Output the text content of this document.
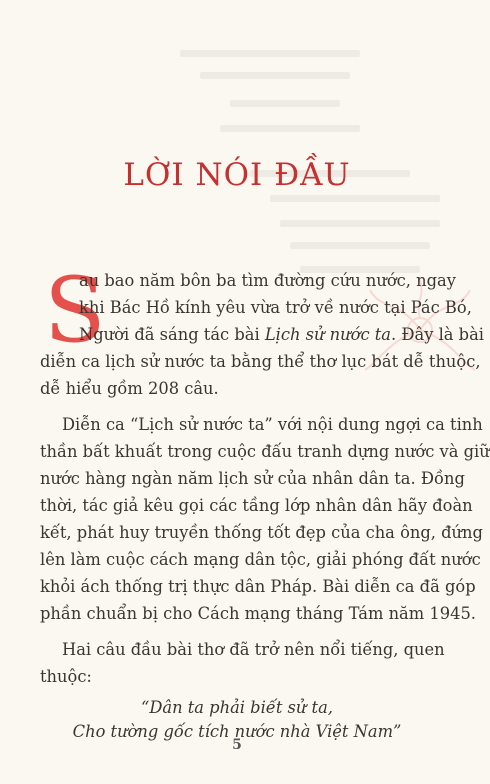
LỜI NÓI ĐẦU
S
au bao năm bôn ba tìm đường cứu nước, ngay
khi Bác Hồ kính yêu vừa trở về nước tại Pác Bó,
Người đã sáng tác bài Lịch sử nước ta. Đây là bài
diễn ca lịch sử nước ta bằng thể thơ lục bát dễ thuộc,
dễ hiểu gồm 208 câu.
Diễn ca “Lịch sử nước ta” với nội dung ngợi ca tinh
thần bất khuất trong cuộc đấu tranh dựng nước và giữ
nước hàng ngàn năm lịch sử của nhân dân ta. Đồng
thời, tác giả kêu gọi các tầng lớp nhân dân hãy đoàn
kết, phát huy truyền thống tốt đẹp của cha ông, đứng
lên làm cuộc cách mạng dân tộc, giải phóng đất nước
khỏi ách thống trị thực dân Pháp. Bài diễn ca đã góp
phần chuẩn bị cho Cách mạng tháng Tám năm 1945.
Hai câu đầu bài thơ đã trở nên nổi tiếng, quen
thuộc:
“Dân ta phải biết sử ta,
Cho tường gốc tích nước nhà Việt Nam”
5
